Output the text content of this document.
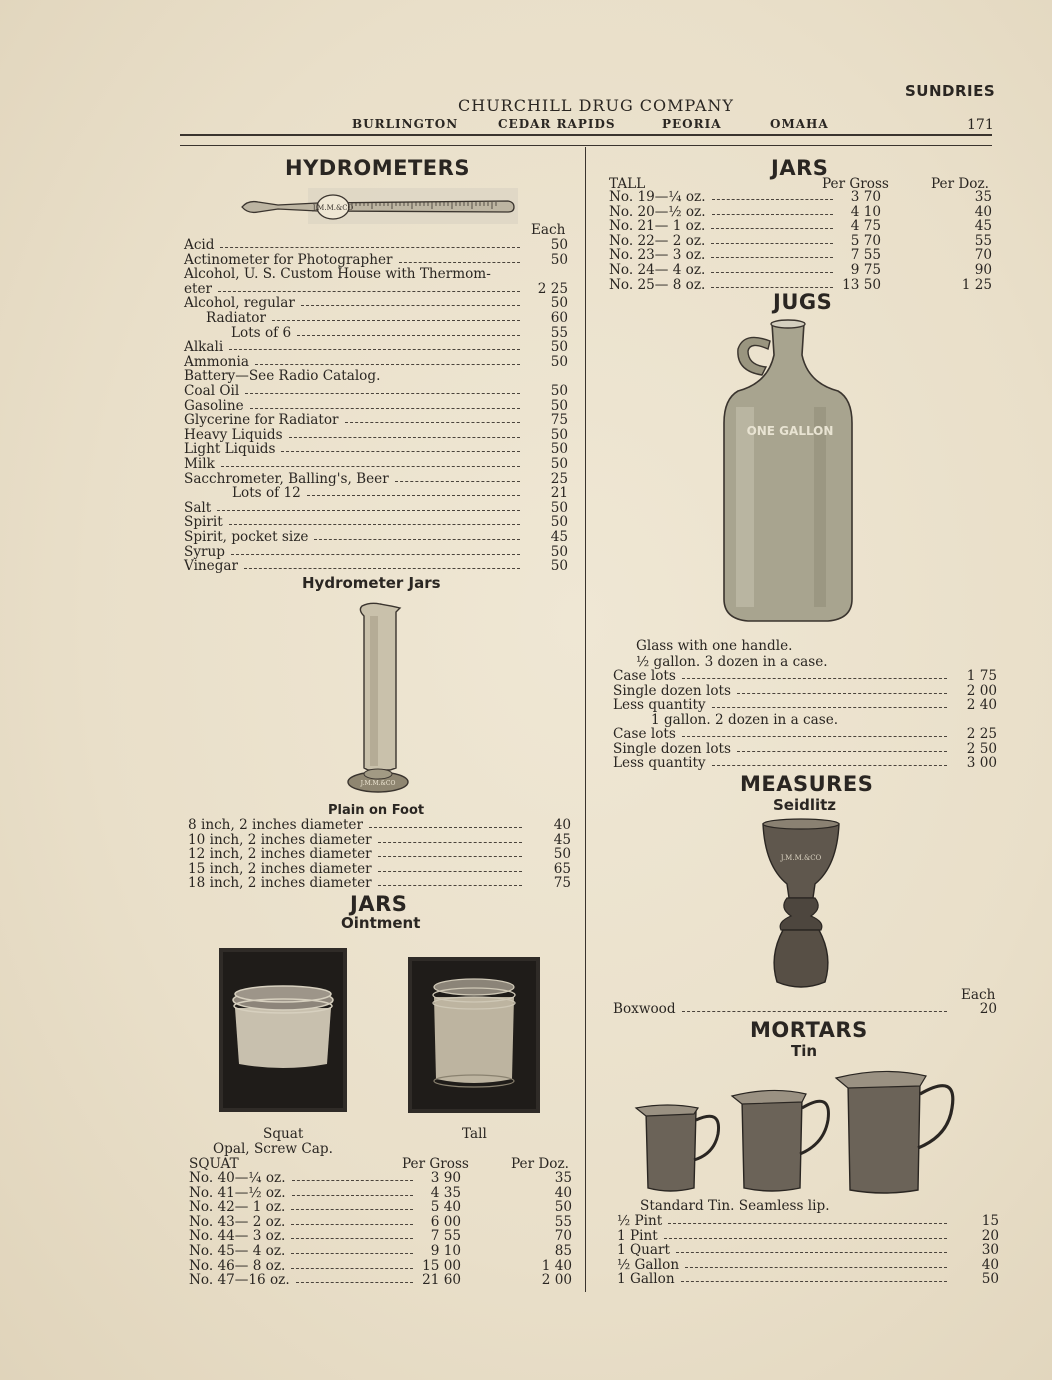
SUNDRIES
CHURCHILL DRUG COMPANY
BURLINGTON	CEDAR RAPIDS	PEORIA	OMAHA	171
HYDROMETERS
J.M.M.&CO
Each
Acid	50
Actinometer for Photographer	50
Alcohol, U. S. Custom House with Thermom-
eter	2 25
Alcohol, regular	50
Radiator	60
Lots of 6	55
Alkali	50
Ammonia	50
Battery—See Radio Catalog.
Coal Oil	50
Gasoline	50
Glycerine for Radiator	75
Heavy Liquids	50
Light Liquids	50
Milk	50
Sacchrometer, Balling's, Beer	25
Lots of 12	21
Salt	50
Spirit	50
Spirit, pocket size	45
Syrup	50
Vinegar	50
Hydrometer Jars
J.M.M.&CO
Plain on Foot
8 inch, 2 inches diameter	40
10 inch, 2 inches diameter	45
12 inch, 2 inches diameter	50
15 inch, 2 inches diameter	65
18 inch, 2 inches diameter	75
JARS
Ointment
Squat	Tall
Opal, Screw Cap.
SQUAT	Per Gross	Per Doz.
No. 40—¼ oz.	3 90	35
No. 41—½ oz.	4 35	40
No. 42— 1 oz.	5 40	50
No. 43— 2 oz.	6 00	55
No. 44— 3 oz.	7 55	70
No. 45— 4 oz.	9 10	85
No. 46— 8 oz.	15 00	1 40
No. 47—16 oz.	21 60	2 00
JARS
TALL	Per Gross	Per Doz.
No. 19—¼ oz.	3 70	35
No. 20—½ oz.	4 10	40
No. 21— 1 oz.	4 75	45
No. 22— 2 oz.	5 70	55
No. 23— 3 oz.	7 55	70
No. 24— 4 oz.	9 75	90
No. 25— 8 oz.	13 50	1 25
JUGS
ONE GALLON
Glass with one handle.
½ gallon. 3 dozen in a case.
Case lots	1 75
Single dozen lots	2 00
Less quantity	2 40
1 gallon. 2 dozen in a case.
Case lots	2 25
Single dozen lots	2 50
Less quantity	3 00
MEASURES
Seidlitz
J.M.M.&CO
Each
Boxwood	20
MORTARS
Tin
Standard Tin. Seamless lip.
½ Pint	15
1 Pint	20
1 Quart	30
½ Gallon	40
1 Gallon	50
